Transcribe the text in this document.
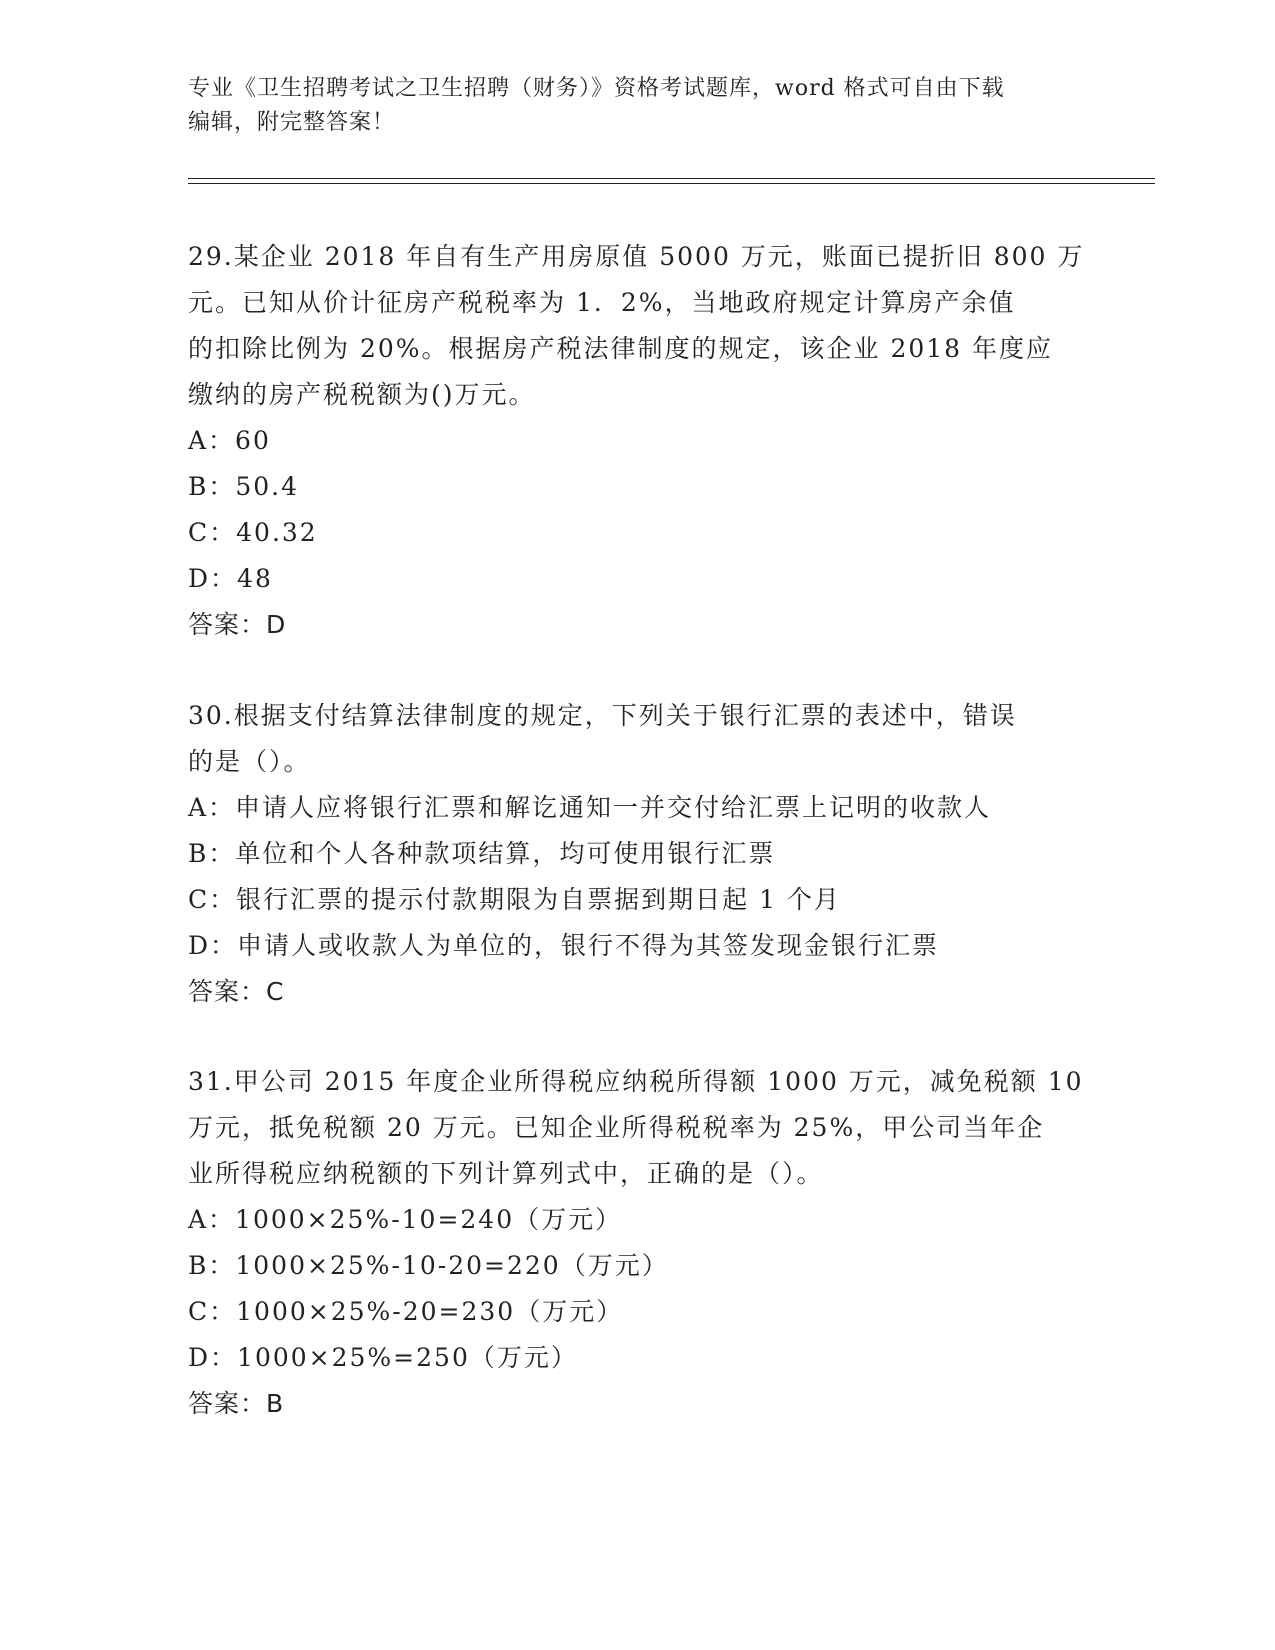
专业《卫生招聘考试之卫生招聘（财务）》资格考试题库，word 格式可自由下载
编辑，附完整答案！

29.某企业 2018 年自有生产用房原值 5000 万元，账面已提折旧 800 万

元。已知从价计征房产税税率为 1．2%，当地政府规定计算房产余值

的扣除比例为 20%。根据房产税法律制度的规定，该企业 2018 年度应

缴纳的房产税税额为()万元。

A：60

B：50.4

C：40.32

D：48

答案：D

30.根据支付结算法律制度的规定，下列关于银行汇票的表述中，错误

的是（）。

A：申请人应将银行汇票和解讫通知一并交付给汇票上记明的收款人

B：单位和个人各种款项结算，均可使用银行汇票

C：银行汇票的提示付款期限为自票据到期日起 1 个月

D：申请人或收款人为单位的，银行不得为其签发现金银行汇票

答案：C

31.甲公司 2015 年度企业所得税应纳税所得额 1000 万元，减免税额 10

万元，抵免税额 20 万元。已知企业所得税税率为 25%，甲公司当年企

业所得税应纳税额的下列计算列式中，正确的是（）。

A：1000×25%-10=240（万元）

B：1000×25%-10-20=220（万元）

C：1000×25%-20=230（万元）

D：1000×25%=250（万元）

答案：B
